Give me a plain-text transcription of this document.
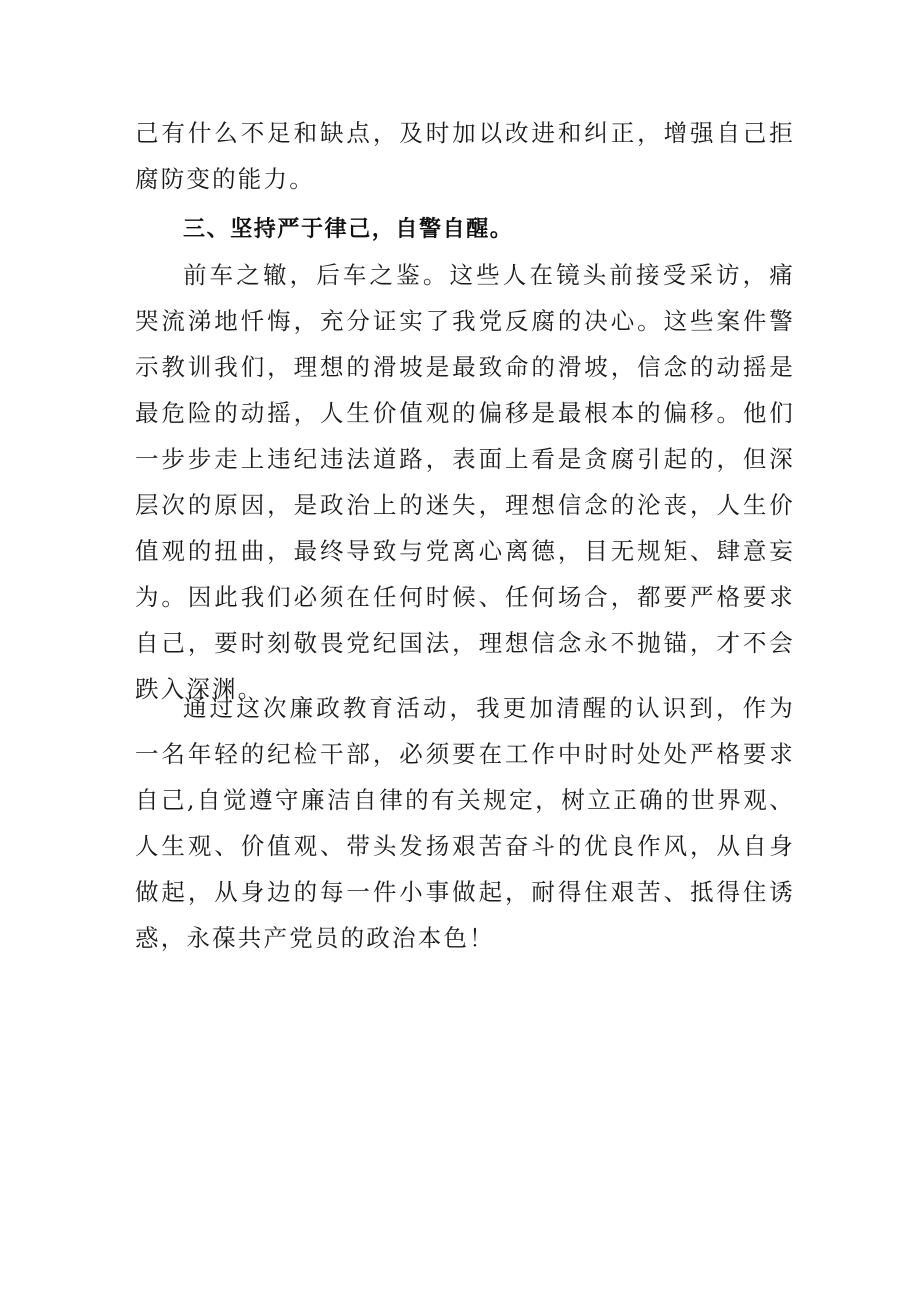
己有什么不足和缺点，及时加以改进和纠正，增强自己拒腐防变的能力。

三、坚持严于律己，自警自醒。

前车之辙，后车之鉴。这些人在镜头前接受采访，痛哭流涕地忏悔，充分证实了我党反腐的决心。这些案件警示教训我们，理想的滑坡是最致命的滑坡，信念的动摇是最危险的动摇，人生价值观的偏移是最根本的偏移。他们一步步走上违纪违法道路，表面上看是贪腐引起的，但深层次的原因，是政治上的迷失，理想信念的沦丧，人生价值观的扭曲，最终导致与党离心离德，目无规矩、肆意妄为。因此我们必须在任何时候、任何场合，都要严格要求自己，要时刻敬畏党纪国法，理想信念永不抛锚，才不会跌入深渊。

通过这次廉政教育活动，我更加清醒的认识到，作为一名年轻的纪检干部，必须要在工作中时时处处严格要求自己,自觉遵守廉洁自律的有关规定，树立正确的世界观、人生观、价值观、带头发扬艰苦奋斗的优良作风，从自身做起，从身边的每一件小事做起，耐得住艰苦、抵得住诱惑，永葆共产党员的政治本色！
